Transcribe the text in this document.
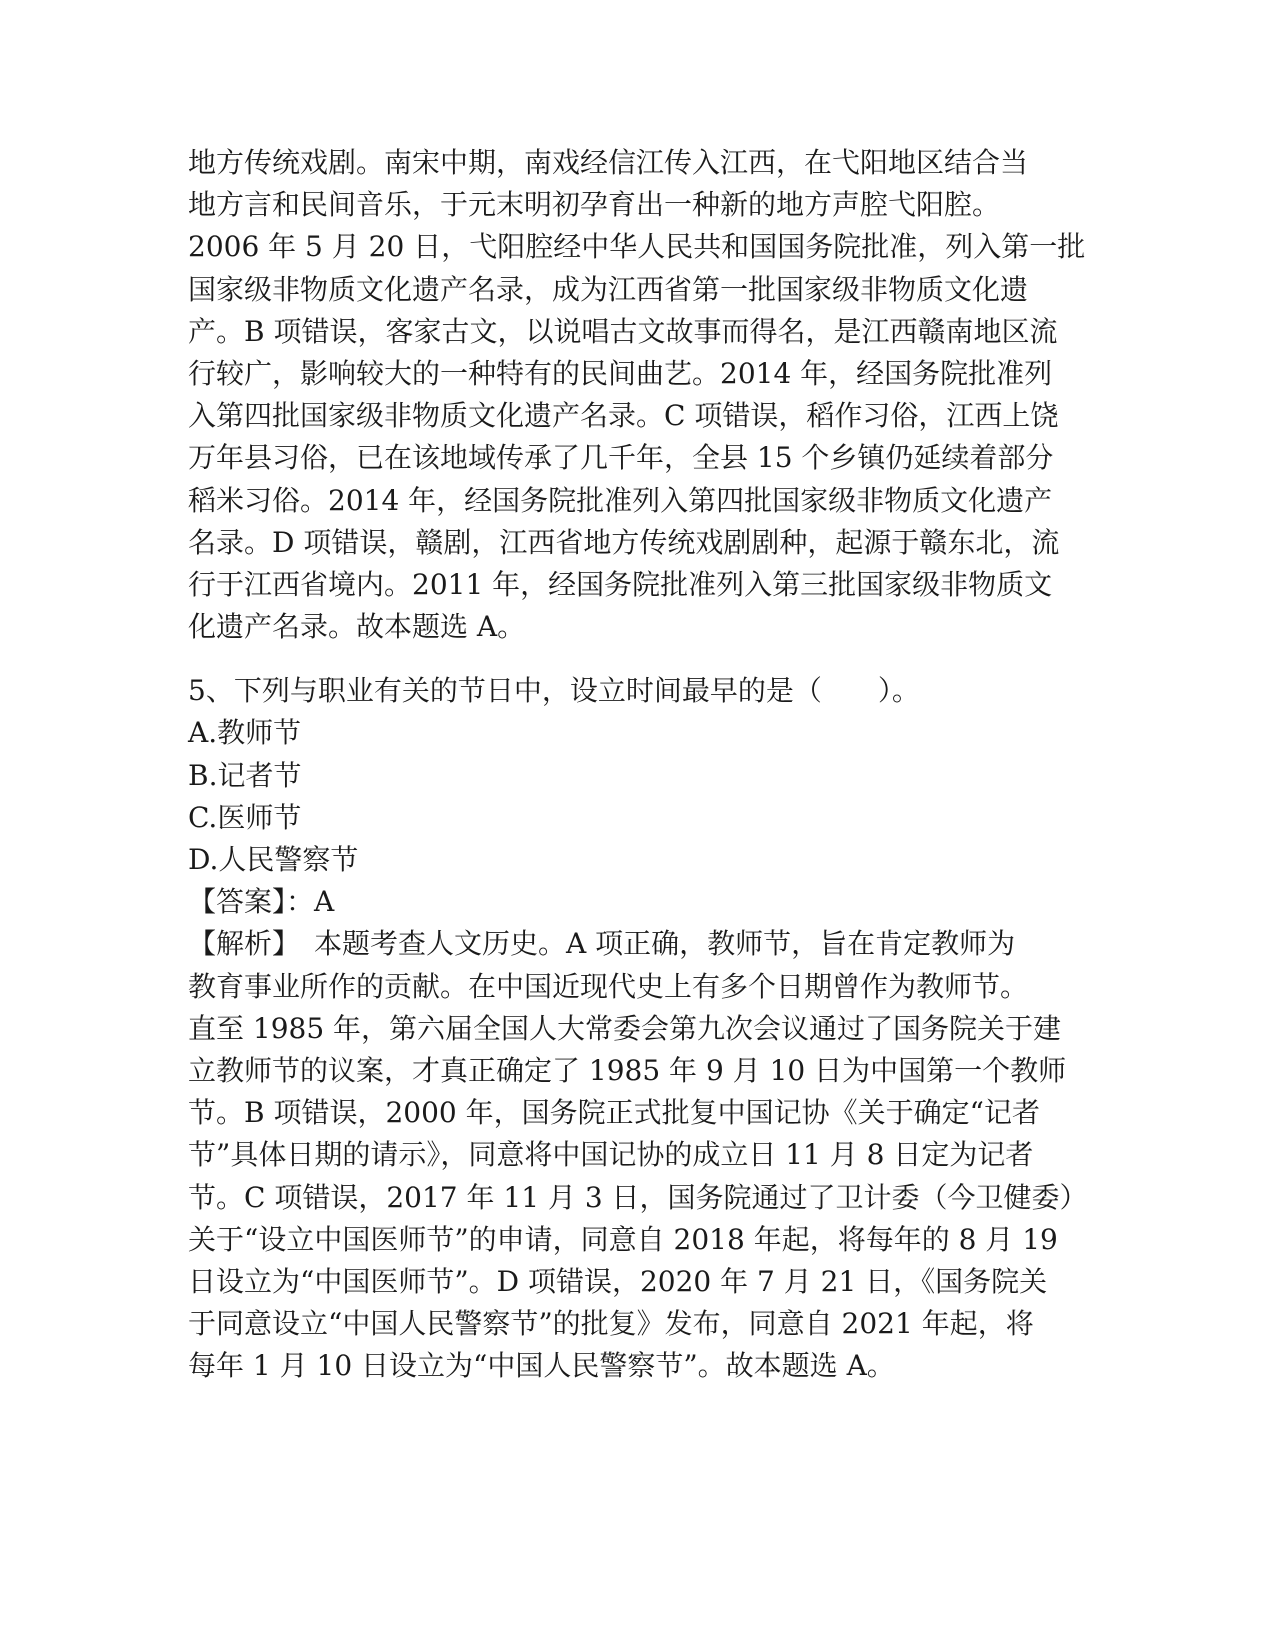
地方传统戏剧。南宋中期，南戏经信江传入江西，在弋阳地区结合当
地方言和民间音乐，于元末明初孕育出一种新的地方声腔弋阳腔。
2006 年 5 月 20 日，弋阳腔经中华人民共和国国务院批准，列入第一批
国家级非物质文化遗产名录，成为江西省第一批国家级非物质文化遗
产。B 项错误，客家古文，以说唱古文故事而得名，是江西赣南地区流
行较广，影响较大的一种特有的民间曲艺。2014 年，经国务院批准列
入第四批国家级非物质文化遗产名录。C 项错误，稻作习俗，江西上饶
万年县习俗，已在该地域传承了几千年，全县 15 个乡镇仍延续着部分
稻米习俗。2014 年，经国务院批准列入第四批国家级非物质文化遗产
名录。D 项错误，赣剧，江西省地方传统戏剧剧种，起源于赣东北，流
行于江西省境内。2011 年，经国务院批准列入第三批国家级非物质文
化遗产名录。故本题选 A。
5、下列与职业有关的节日中，设立时间最早的是（　　）。
A.教师节
B.记者节
C.医师节
D.人民警察节
【答案】：A
【解析】　本题考查人文历史。A 项正确，教师节，旨在肯定教师为
教育事业所作的贡献。在中国近现代史上有多个日期曾作为教师节。
直至 1985 年，第六届全国人大常委会第九次会议通过了国务院关于建
立教师节的议案，才真正确定了 1985 年 9 月 10 日为中国第一个教师
节。B 项错误，2000 年，国务院正式批复中国记协《关于确定“记者
节”具体日期的请示》，同意将中国记协的成立日 11 月 8 日定为记者
节。C 项错误，2017 年 11 月 3 日，国务院通过了卫计委（今卫健委）
关于“设立中国医师节”的申请，同意自 2018 年起，将每年的 8 月 19
日设立为“中国医师节”。D 项错误，2020 年 7 月 21 日，《国务院关
于同意设立“中国人民警察节”的批复》发布，同意自 2021 年起，将
每年 1 月 10 日设立为“中国人民警察节”。故本题选 A。
